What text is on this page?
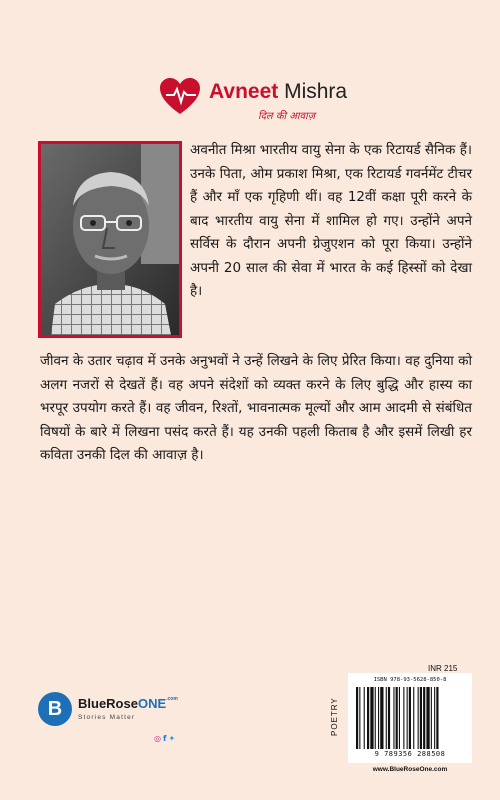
Avneet Mishra
दिल की आवाज़
अवनीत मिश्रा भारतीय वायु सेना के एक रिटायर्ड सैनिक हैं। उनके पिता, ओम प्रकाश मिश्रा, एक रिटायर्ड गवर्नमेंट टीचर हैं और माँ एक गृहिणी थीं। वह 12वीं कक्षा पूरी करने के बाद भारतीय वायु सेना में शामिल हो गए। उन्होंने अपने सर्विस के दौरान अपनी ग्रेजुएशन को पूरा किया। उन्होंने अपनी 20 साल की सेवा में भारत के कई हिस्सों को देखा है।
जीवन के उतार चढ़ाव में उनके अनुभवों ने उन्हें लिखने के लिए प्रेरित किया। वह दुनिया को अलग नजरों से देखतें हैं। वह अपने संदेशों को व्यक्त करने के लिए बुद्धि और हास्य का भरपूर उपयोग करते हैं। वह जीवन, रिश्तों, भावनात्मक मूल्यों और आम आदमी से संबंधित विषयों के बारे में लिखना पसंद करते हैं। यह उनकी पहली किताब है और इसमें लिखी हर कविता उनकी दिल की आवाज़ है।
INR 215
POETRY
ISBN 978-93-5628-850-8
9 789356 288508
www.BlueRoseOne.com
B	BlueRoseONE$^{.com}$
Stories Matter
◎ f ✦
